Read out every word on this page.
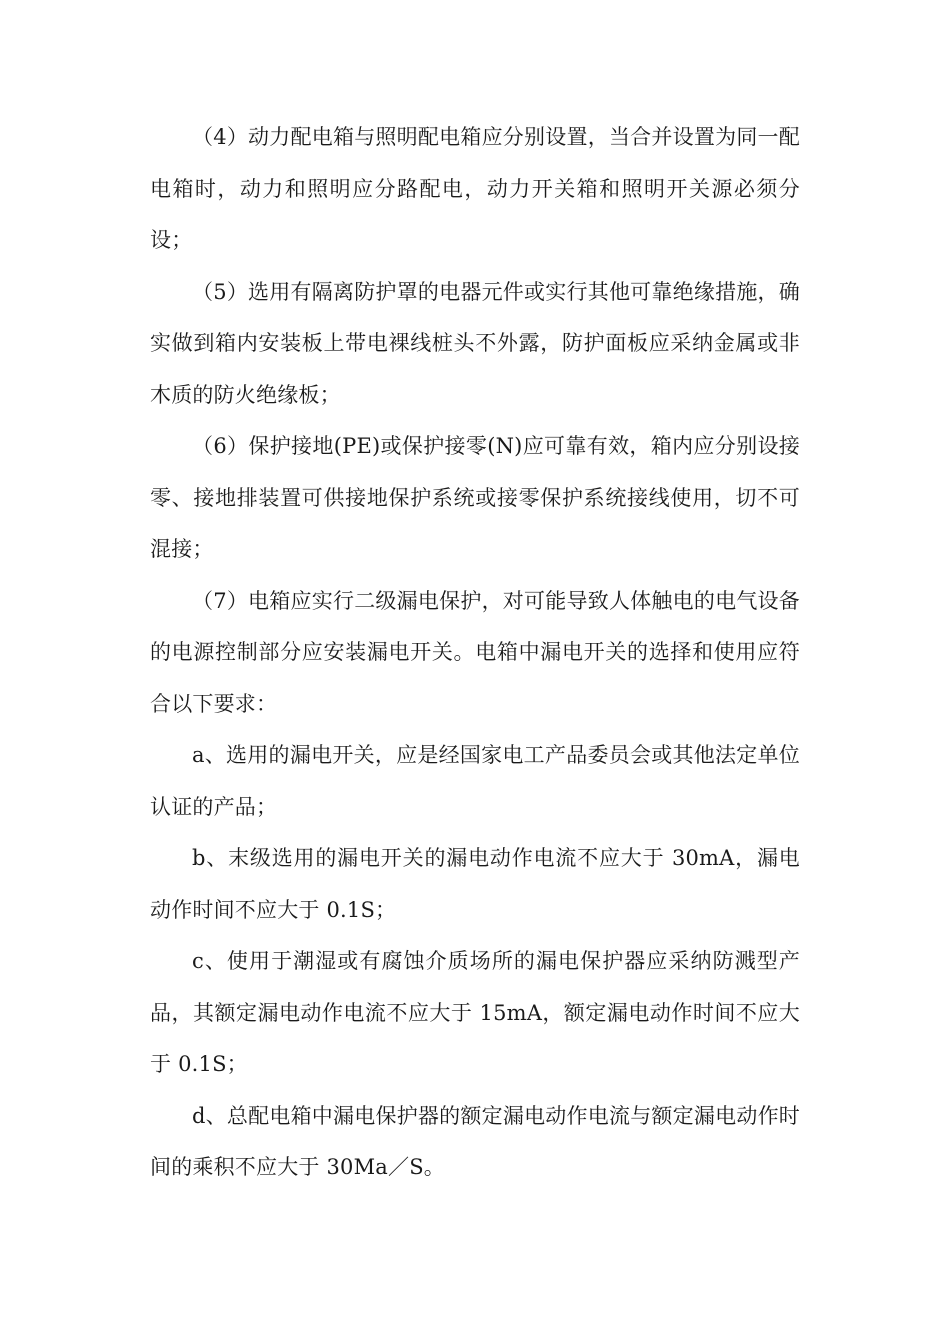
（4）动力配电箱与照明配电箱应分别设置，当合并设置为同一配电箱时，动力和照明应分路配电，动力开关箱和照明开关源必须分设；

（5）选用有隔离防护罩的电器元件或实行其他可靠绝缘措施，确实做到箱内安装板上带电裸线桩头不外露，防护面板应采纳金属或非木质的防火绝缘板；

（6）保护接地(PE)或保护接零(N)应可靠有效，箱内应分别设接零、接地排装置可供接地保护系统或接零保护系统接线使用，切不可混接；

（7）电箱应实行二级漏电保护，对可能导致人体触电的电气设备的电源控制部分应安装漏电开关。电箱中漏电开关的选择和使用应符合以下要求：

a、选用的漏电开关，应是经国家电工产品委员会或其他法定单位认证的产品；

b、末级选用的漏电开关的漏电动作电流不应大于 30mA，漏电动作时间不应大于 0.1S；

c、使用于潮湿或有腐蚀介质场所的漏电保护器应采纳防溅型产品，其额定漏电动作电流不应大于 15mA，额定漏电动作时间不应大于 0.1S；

d、总配电箱中漏电保护器的额定漏电动作电流与额定漏电动作时间的乘积不应大于 30Ma／S。
